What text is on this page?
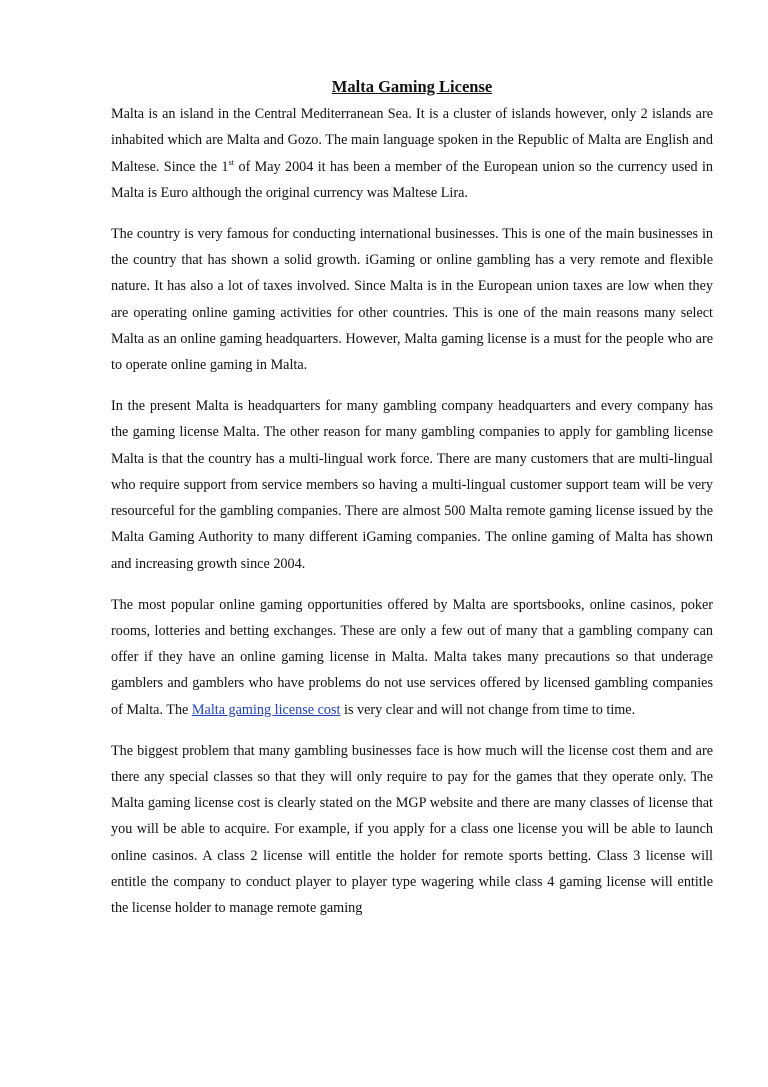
Malta Gaming License

Malta is an island in the Central Mediterranean Sea. It is a cluster of islands however, only 2 islands are inhabited which are Malta and Gozo. The main language spoken in the Republic of Malta are English and Maltese. Since the 1st of May 2004 it has been a member of the European union so the currency used in Malta is Euro although the original currency was Maltese Lira.

The country is very famous for conducting international businesses. This is one of the main businesses in the country that has shown a solid growth. iGaming or online gambling has a very remote and flexible nature. It has also a lot of taxes involved. Since Malta is in the European union taxes are low when they are operating online gaming activities for other countries. This is one of the main reasons many select Malta as an online gaming headquarters. However, Malta gaming license is a must for the people who are to operate online gaming in Malta.

In the present Malta is headquarters for many gambling company headquarters and every company has the gaming license Malta. The other reason for many gambling companies to apply for gambling license Malta is that the country has a multi-lingual work force. There are many customers that are multi-lingual who require support from service members so having a multi-lingual customer support team will be very resourceful for the gambling companies. There are almost 500 Malta remote gaming license issued by the Malta Gaming Authority to many different iGaming companies. The online gaming of Malta has shown and increasing growth since 2004.

The most popular online gaming opportunities offered by Malta are sportsbooks, online casinos, poker rooms, lotteries and betting exchanges. These are only a few out of many that a gambling company can offer if they have an online gaming license in Malta. Malta takes many precautions so that underage gamblers and gamblers who have problems do not use services offered by licensed gambling companies of Malta. The Malta gaming license cost is very clear and will not change from time to time.

The biggest problem that many gambling businesses face is how much will the license cost them and are there any special classes so that they will only require to pay for the games that they operate only. The Malta gaming license cost is clearly stated on the MGP website and there are many classes of license that you will be able to acquire. For example, if you apply for a class one license you will be able to launch online casinos. A class 2 license will entitle the holder for remote sports betting. Class 3 license will entitle the company to conduct player to player type wagering while class 4 gaming license will entitle the license holder to manage remote gaming
